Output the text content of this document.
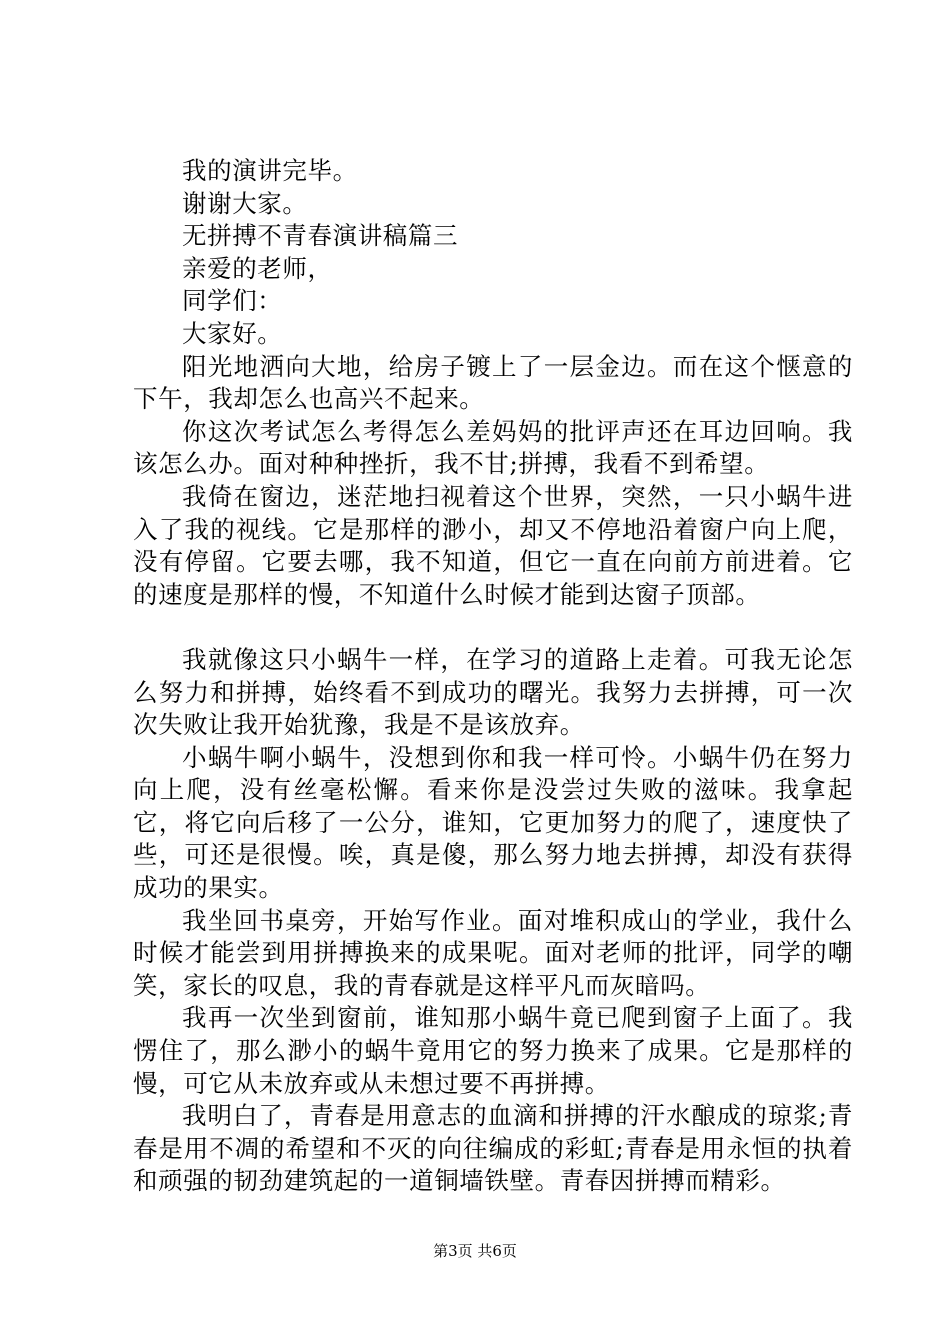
我的演讲完毕。

谢谢大家。

无拼搏不青春演讲稿篇三

亲爱的老师，

同学们：

大家好。

阳光地洒向大地，给房子镀上了一层金边。而在这个惬意的下午，我却怎么也高兴不起来。

你这次考试怎么考得怎么差妈妈的批评声还在耳边回响。我该怎么办。面对种种挫折，我不甘;拼搏，我看不到希望。

我倚在窗边，迷茫地扫视着这个世界，突然，一只小蜗牛进入了我的视线。它是那样的渺小，却又不停地沿着窗户向上爬，没有停留。它要去哪，我不知道，但它一直在向前方前进着。它的速度是那样的慢，不知道什么时候才能到达窗子顶部。

我就像这只小蜗牛一样，在学习的道路上走着。可我无论怎么努力和拼搏，始终看不到成功的曙光。我努力去拼搏，可一次次失败让我开始犹豫，我是不是该放弃。

小蜗牛啊小蜗牛，没想到你和我一样可怜。小蜗牛仍在努力向上爬，没有丝毫松懈。看来你是没尝过失败的滋味。我拿起它，将它向后移了一公分，谁知，它更加努力的爬了，速度快了些，可还是很慢。唉，真是傻，那么努力地去拼搏，却没有获得成功的果实。

我坐回书桌旁，开始写作业。面对堆积成山的学业，我什么时候才能尝到用拼搏换来的成果呢。面对老师的批评，同学的嘲笑，家长的叹息，我的青春就是这样平凡而灰暗吗。

我再一次坐到窗前，谁知那小蜗牛竟已爬到窗子上面了。我愣住了，那么渺小的蜗牛竟用它的努力换来了成果。它是那样的慢，可它从未放弃或从未想过要不再拼搏。

我明白了，青春是用意志的血滴和拼搏的汗水酿成的琼浆;青春是用不凋的希望和不灭的向往编成的彩虹;青春是用永恒的执着和顽强的韧劲建筑起的一道铜墙铁壁。青春因拼搏而精彩。

第3页 共6页
